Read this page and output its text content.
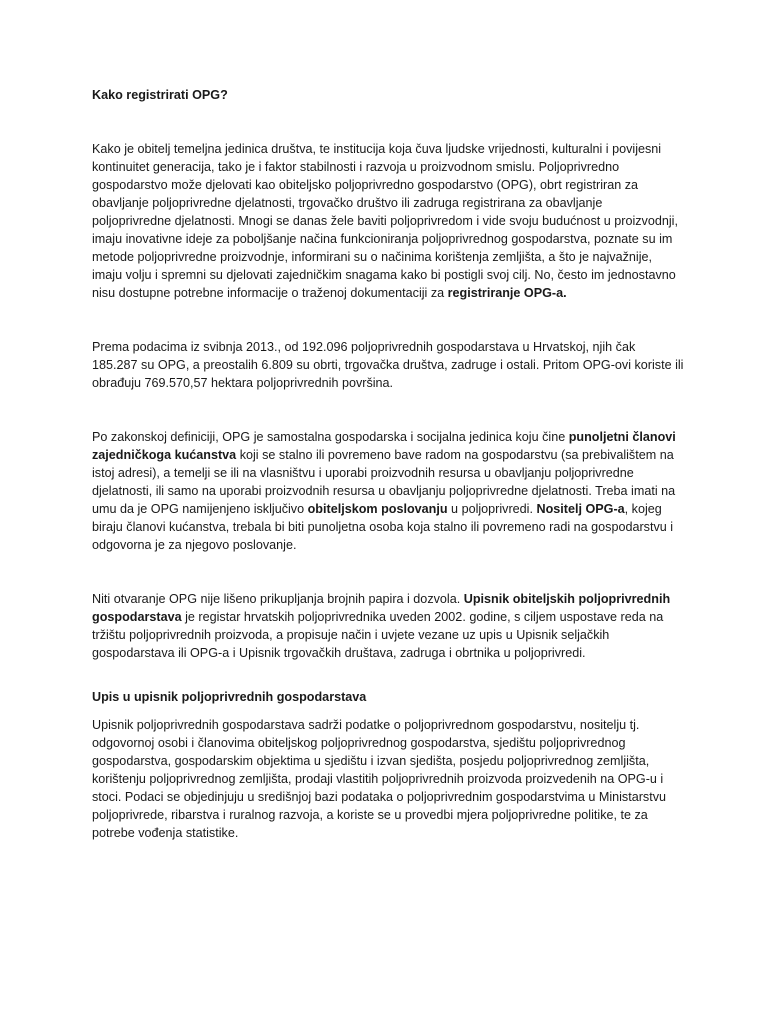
Kako registrirati OPG?

Kako je obitelj temeljna jedinica društva, te institucija koja čuva ljudske vrijednosti, kulturalni i povijesni kontinuitet generacija, tako je i faktor stabilnosti i razvoja u proizvodnom smislu. Poljoprivredno gospodarstvo može djelovati kao obiteljsko poljoprivredno gospodarstvo (OPG), obrt registriran za obavljanje poljoprivredne djelatnosti, trgovačko društvo ili zadruga registrirana za obavljanje poljoprivredne djelatnosti. Mnogi se danas žele baviti poljoprivredom i vide svoju budućnost u proizvodnji, imaju inovativne ideje za poboljšanje načina funkcioniranja poljoprivrednog gospodarstva, poznate su im metode poljoprivredne proizvodnje, informirani su o načinima korištenja zemljišta, a što je najvažnije, imaju volju i spremni su djelovati zajedničkim snagama kako bi postigli svoj cilj. No, često im jednostavno nisu dostupne potrebne informacije o traženoj dokumentaciji za registriranje OPG-a.

Prema podacima iz svibnja 2013., od 192.096 poljoprivrednih gospodarstava u Hrvatskoj, njih čak 185.287 su OPG, a preostalih 6.809 su obrti, trgovačka društva, zadruge i ostali. Pritom OPG-ovi koriste ili obrađuju 769.570,57 hektara poljoprivrednih površina.

Po zakonskoj definiciji, OPG je samostalna gospodarska i socijalna jedinica koju čine punoljetni članovi zajedničkoga kućanstva koji se stalno ili povremeno bave radom na gospodarstvu (sa prebivalištem na istoj adresi), a temelji se ili na vlasništvu i uporabi proizvodnih resursa u obavljanju poljoprivredne djelatnosti, ili samo na uporabi proizvodnih resursa u obavljanju poljoprivredne djelatnosti. Treba imati na umu da je OPG namijenjeno isključivo obiteljskom poslovanju u poljoprivredi. Nositelj OPG-a, kojeg biraju članovi kućanstva, trebala bi biti punoljetna osoba koja stalno ili povremeno radi na gospodarstvu i odgovorna je za njegovo poslovanje.

Niti otvaranje OPG nije lišeno prikupljanja brojnih papira i dozvola. Upisnik obiteljskih poljoprivrednih gospodarstava je registar hrvatskih poljoprivrednika uveden 2002. godine, s ciljem uspostave reda na tržištu poljoprivrednih proizvoda, a propisuje način i uvjete vezane uz upis u Upisnik seljačkih gospodarstava ili OPG-a i Upisnik trgovačkih društava, zadruga i obrtnika u poljoprivredi.

Upis u upisnik poljoprivrednih gospodarstava

Upisnik poljoprivrednih gospodarstava sadrži podatke o poljoprivrednom gospodarstvu, nositelju tj. odgovornoj osobi i članovima obiteljskog poljoprivrednog gospodarstva, sjedištu poljoprivrednog gospodarstva, gospodarskim objektima u sjedištu i izvan sjedišta, posjedu poljoprivrednog zemljišta, korištenju poljoprivrednog zemljišta, prodaji vlastitih poljoprivrednih proizvoda proizvedenih na OPG-u i stoci. Podaci se objedinjuju u središnjoj bazi podataka o poljoprivrednim gospodarstvima u Ministarstvu poljoprivrede, ribarstva i ruralnog razvoja, a koriste se u provedbi mjera poljoprivredne politike, te za potrebe vođenja statistike.
